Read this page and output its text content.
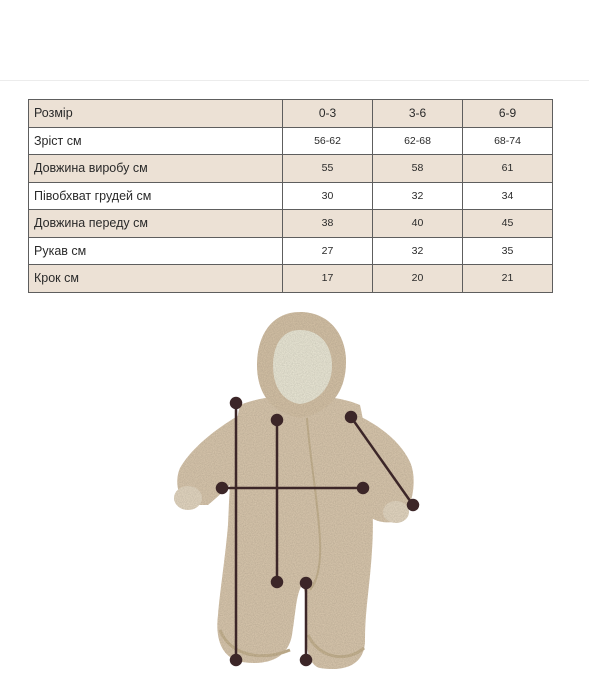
Розмір	0-3	3-6	6-9
Зріст см	56-62	62-68	68-74
Довжина виробу см	55	58	61
Півобхват грудей см	30	32	34
Довжина переду см	38	40	45
Рукав см	27	32	35
Крок см	17	20	21
